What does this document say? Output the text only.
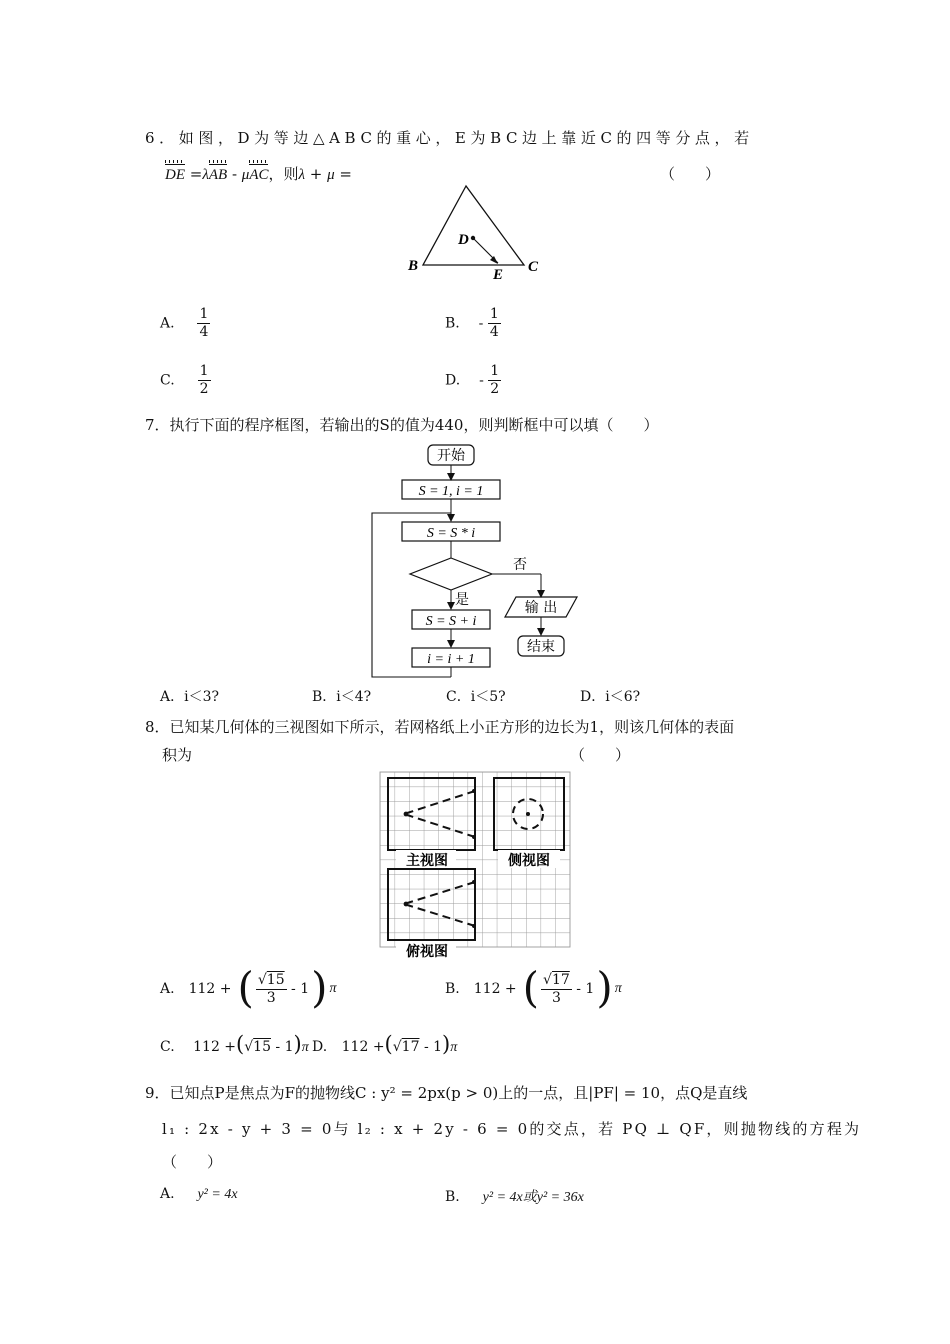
6．如图，D为等边△ABC的重心，E为BC边上靠近C的四等分点，若
DE =λAB - μAC，则λ + μ =	（　　）
D
B	C
E
A. $\frac{1}{4}$	B. - $\frac{1}{4}$
C. $\frac{1}{2}$	D. - $\frac{1}{2}$
7．执行下面的程序框图，若输出的S的值为440，则判断框中可以填（　　）
开始
S = 1, i = 1
S = S * i
否
是
S = S + i
i = i + 1
输 出
结束
A．i＜3?	B．i＜4?	C．i＜5?	D．i＜6?
8．已知某几何体的三视图如下所示，若网格纸上小正方形的边长为1，则该几何体的表面
积为	（　　）
主视图	侧视图
俯视图
A. 112 + ( $\frac{√15}{3} - 1$ ) π	B. 112 + ( $\frac{√17}{3} - 1$ ) π
C. 112 +(√15 - 1)π D. 112 +(√17 - 1)π
9．已知点P是焦点为F的抛物线C : y² = 2px(p > 0)上的一点，且|PF| = 10，点Q是直线
l₁ : 2x - y + 3 = 0与 l₂ : x + 2y - 6 = 0的交点，若 PQ ⊥ QF，则抛物线的方程为
（　　）
A. y² = 4x	B. y² = 4x或y² = 36x
